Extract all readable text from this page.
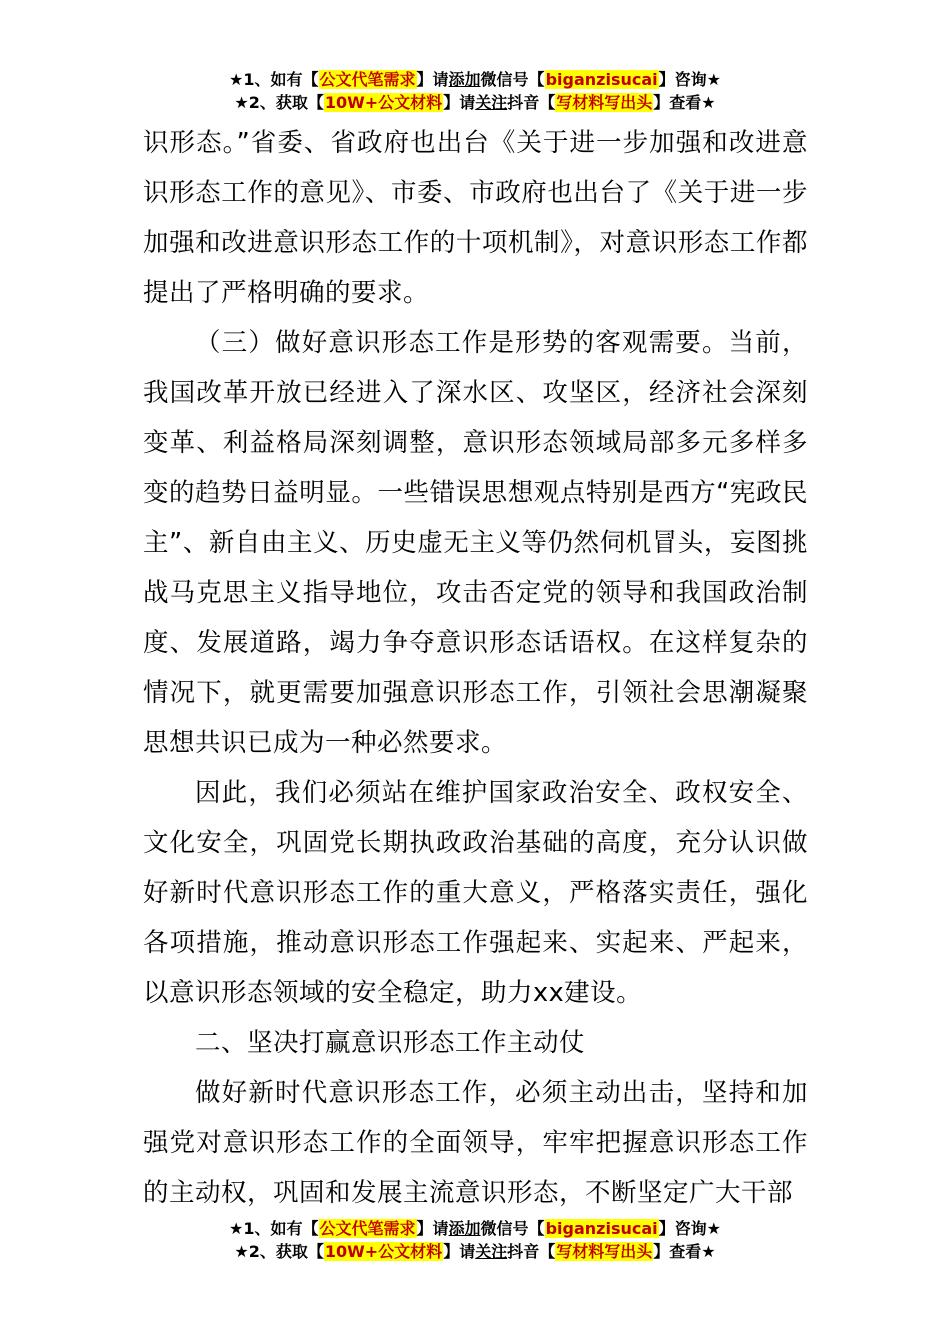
★1、如有【公文代笔需求】请添加微信号【biganzisucai】咨询★
★2、获取【10W+公文材料】请关注抖音【写材料写出头】查看★

识形态。”省委、省政府也出台《关于进一步加强和改进意识形态工作的意见》、市委、市政府也出台了《关于进一步加强和改进意识形态工作的十项机制》，对意识形态工作都提出了严格明确的要求。

（三）做好意识形态工作是形势的客观需要。当前，我国改革开放已经进入了深水区、攻坚区，经济社会深刻变革、利益格局深刻调整，意识形态领域局部多元多样多变的趋势日益明显。一些错误思想观点特别是西方“宪政民主”、新自由主义、历史虚无主义等仍然伺机冒头，妄图挑战马克思主义指导地位，攻击否定党的领导和我国政治制度、发展道路，竭力争夺意识形态话语权。在这样复杂的情况下，就更需要加强意识形态工作，引领社会思潮凝聚思想共识已成为一种必然要求。

因此，我们必须站在维护国家政治安全、政权安全、文化安全，巩固党长期执政政治基础的高度，充分认识做好新时代意识形态工作的重大意义，严格落实责任，强化各项措施，推动意识形态工作强起来、实起来、严起来，以意识形态领域的安全稳定，助力xx建设。

二、坚决打赢意识形态工作主动仗

做好新时代意识形态工作，必须主动出击，坚持和加强党对意识形态工作的全面领导，牢牢把握意识形态工作的主动权，巩固和发展主流意识形态，不断坚定广大干部

★1、如有【公文代笔需求】请添加微信号【biganzisucai】咨询★
★2、获取【10W+公文材料】请关注抖音【写材料写出头】查看★
